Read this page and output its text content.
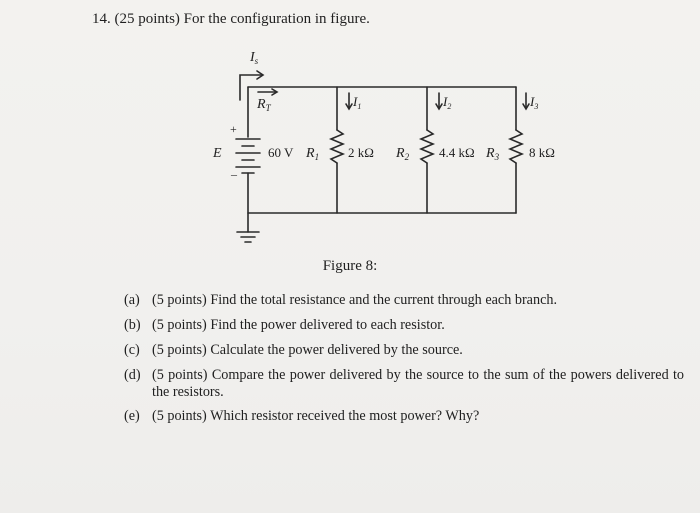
14. (25 points) For the configuration in figure.
$I_s$
$R_T$	$I_1$	$I_2$	$I_3$
E
+
–
60 V $R_1$ 2 kΩ $R_2$ 4.4 kΩ $R_3$ 8 kΩ
Figure 8:
(a) (5 points) Find the total resistance and the current through each branch.
(b) (5 points) Find the power delivered to each resistor.
(c) (5 points) Calculate the power delivered by the source.
(d) (5 points) Compare the power delivered by the source to the sum of the powers delivered to the resistors.
(e) (5 points) Which resistor received the most power? Why?
